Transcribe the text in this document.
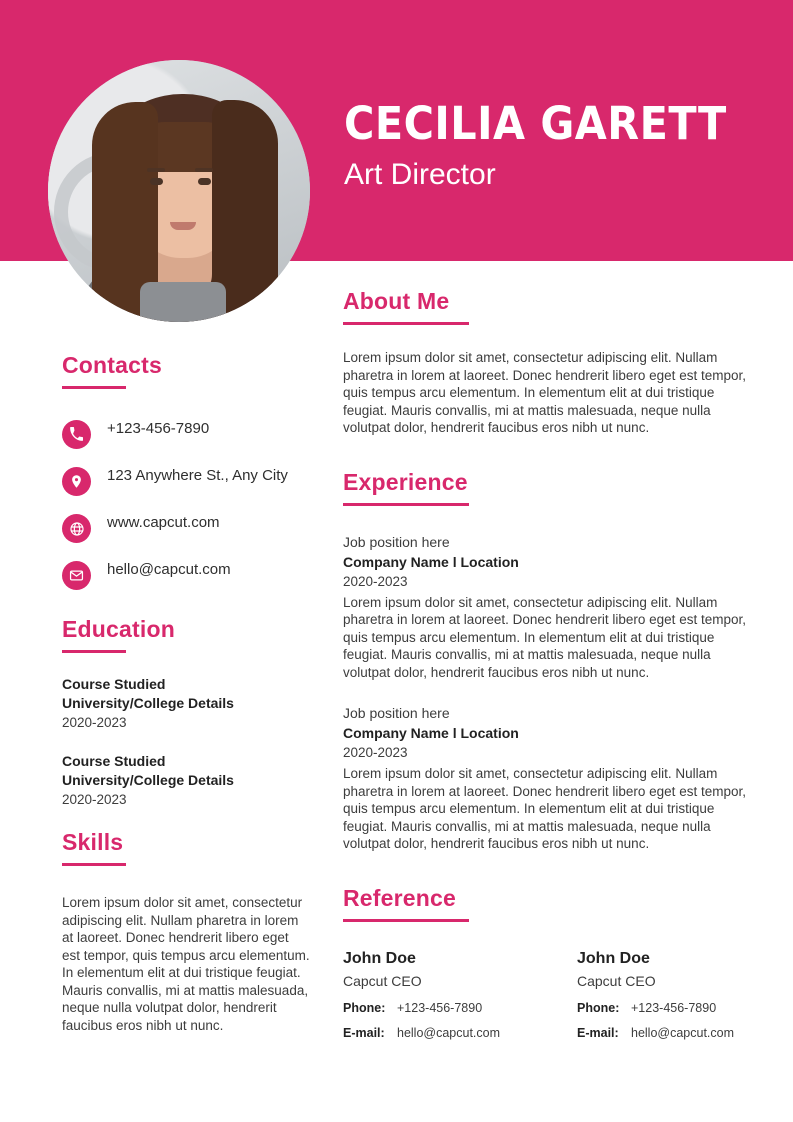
CECILIA GARETT
Art Director
Contacts
+123-456-7890
123 Anywhere St., Any City
www.capcut.com
hello@capcut.com
Education
Course Studied
University/College Details
2020-2023
Course Studied
University/College Details
2020-2023
Skills
Lorem ipsum dolor sit amet, consectetur adipiscing elit. Nullam pharetra in lorem at laoreet. Donec hendrerit libero eget est tempor, quis tempus arcu elementum. In elementum elit at dui tristique feugiat. Mauris convallis, mi at mattis malesuada, neque nulla volutpat dolor, hendrerit faucibus eros nibh ut nunc.
About Me
Lorem ipsum dolor sit amet, consectetur adipiscing elit. Nullam pharetra in lorem at laoreet. Donec hendrerit libero eget est tempor, quis tempus arcu elementum. In elementum elit at dui tristique feugiat. Mauris convallis, mi at mattis malesuada, neque nulla volutpat dolor, hendrerit faucibus eros nibh ut nunc.
Experience
Job position here
Company Name l Location
2020-2023
Lorem ipsum dolor sit amet, consectetur adipiscing elit. Nullam pharetra in lorem at laoreet. Donec hendrerit libero eget est tempor, quis tempus arcu elementum. In elementum elit at dui tristique feugiat. Mauris convallis, mi at mattis malesuada, neque nulla volutpat dolor, hendrerit faucibus eros nibh ut nunc.
Job position here
Company Name l Location
2020-2023
Lorem ipsum dolor sit amet, consectetur adipiscing elit. Nullam pharetra in lorem at laoreet. Donec hendrerit libero eget est tempor, quis tempus arcu elementum. In elementum elit at dui tristique feugiat. Mauris convallis, mi at mattis malesuada, neque nulla volutpat dolor, hendrerit faucibus eros nibh ut nunc.
Reference
John Doe
Capcut CEO
Phone: +123-456-7890
E-mail: hello@capcut.com
John Doe
Capcut CEO
Phone: +123-456-7890
E-mail: hello@capcut.com
